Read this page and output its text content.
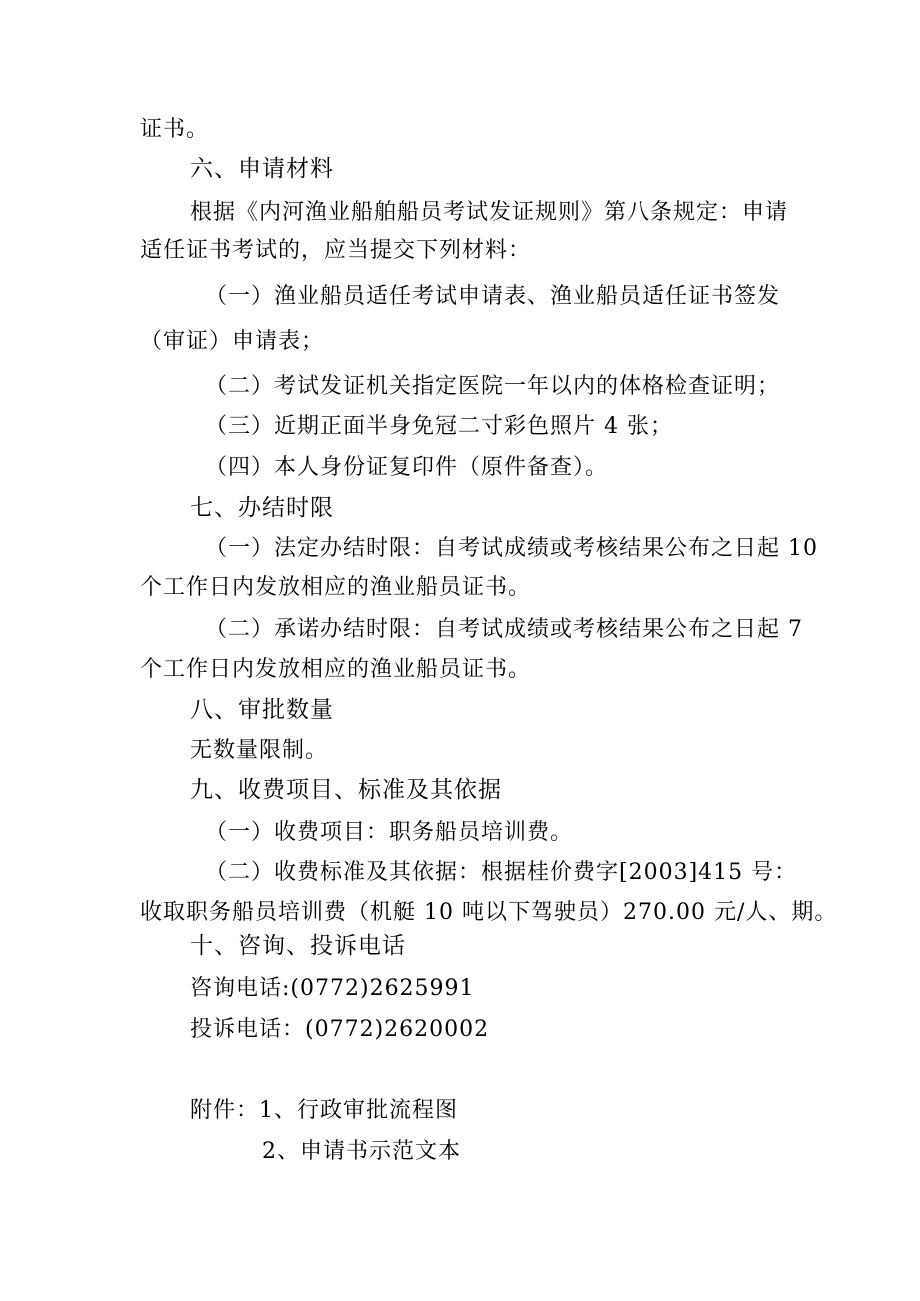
证书。
六、申请材料
根据《内河渔业船舶船员考试发证规则》第八条规定：申请
适任证书考试的，应当提交下列材料：
（一）渔业船员适任考试申请表、渔业船员适任证书签发
（审证）申请表；
（二）考试发证机关指定医院一年以内的体格检查证明；
（三）近期正面半身免冠二寸彩色照片 4 张；
（四）本人身份证复印件（原件备查）。
七、办结时限
（一）法定办结时限：自考试成绩或考核结果公布之日起 10
个工作日内发放相应的渔业船员证书。
（二）承诺办结时限：自考试成绩或考核结果公布之日起 7
个工作日内发放相应的渔业船员证书。
八、审批数量
无数量限制。
九、收费项目、标准及其依据
（一）收费项目：职务船员培训费。
（二）收费标准及其依据：根据桂价费字[2003]415 号：
收取职务船员培训费（机艇 10 吨以下驾驶员）270.00 元/人、期。
十、咨询、投诉电话
咨询电话:(0772)2625991
投诉电话：(0772)2620002
附件：1、行政审批流程图
2、申请书示范文本
